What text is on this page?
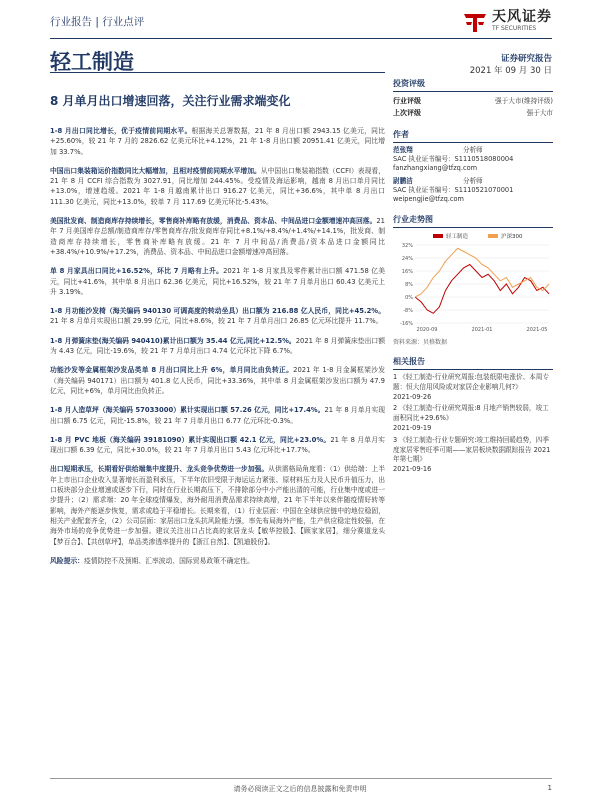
行业报告 | 行业点评	天风证券
TF SECURITIES
轻工制造	证券研究报告
2021 年 09 月 30 日
8 月单月出口增速回落，关注行业需求端变化
1-8 月出口同比增长，优于疫情前同期水平。根据海关总署数据，21 年 8 月出口额 2943.15 亿美元，同比+25.60%，较 21 年 7 月的 2826.62 亿美元环比+4.12%，21 年 1-8 月出口额 20951.41 亿美元，同比增加 33.7%。
中国出口集装箱运价指数同比大幅增加，且相对疫情前同期水平增加。从中国出口集装箱指数（CCFI）表现看，21 年 8 月 CCFI 综合指数为 3027.91，同比增加 244.45%。受疫情及海运影响，越南 8 月出口单月同比+13.0%，增速趋缓。2021 年 1-8 月越南累计出口 916.27 亿美元，同比+36.6%，其中单 8 月出口 111.30 亿美元，同比+13.0%，较单 7 月 117.69 亿美元环比-5.43%。
美国批发商、制造商库存持续增长，零售商补库略有放缓，消费品、资本品、中间品进口金额增速冲高回落。21 年 7 月美国库存总额/制造商库存/零售商库存/批发商库存同比+8.1%/+8.4%/+1.4%/+14.1%，批发商、制造商库存持续增长，零售商补库略有放缓。21 年 7 月中间品/消费品/资本品进口金额同比+38.4%/+10.9%/+17.2%，消费品、资本品、中间品进口金额增速冲高回落。
单 8 月家具出口同比+16.52%，环比 7 月略有上升。2021 年 1-8 月家具及零件累计出口额 471.58 亿美元，同比+41.6%，其中单 8 月出口 62.36 亿美元，同比+16.52%，较 21 年 7 月单月出口 60.43 亿美元上升 3.19%。
1-8 月功能沙发椅（海关编码 940130 可调高度的转动坐具）出口额为 216.88 亿人民币，同比+45.2%。21 年 8 月单月实现出口额 29.99 亿元，同比+8.6%，较 21 年 7 月单月出口 26.85 亿元环比提升 11.7%。
1-8 月弹簧床垫(海关编码 940410)累计出口额为 35.44 亿元,同比+12.5%。2021 年 8 月弹簧床垫出口额为 4.43 亿元，同比-19.6%，较 21 年 7 月单月出口 4.74 亿元环比下降 6.7%。
功能沙发等金属框架沙发品类单 8 月出口同比上升 6%，单月同比由负转正。2021 年 1-8 月金属框架沙发（海关编码 940171）出口额为 401.8 亿人民币，同比+33.36%，其中单 8 月金属框架沙发出口额为 47.9 亿元，同比+6%，单月同比由负转正。
1-8 月人造草坪（海关编码 57033000）累计实现出口额 57.26 亿元，同比+17.4%。21 年 8 月单月实现出口额 6.75 亿元，同比-15.8%，较 21 年 7 月单月出口 6.77 亿元环比-0.3%。
1-8 月 PVC 地板（海关编码 39181090）累计实现出口额 42.1 亿元，同比+23.0%。21 年 8 月单月实现出口额 6.39 亿元，同比+30.0%，较 21 年 7 月单月出口 5.43 亿元环比+17.7%。
出口短期承压，长期看好供给端集中度提升、龙头竞争优势进一步加强。从供需格局角度看：（1）供给端：上半年上市出口企业收入显著增长而盈利承压，下半年依旧受限于海运运力紧张、原材料压力及人民币升值压力，出口板块部分企业增速或逐步下行，同时在行业长期高压下，不排除部分中小产能出清的可能，行业集中度或进一步提升；（2）需求端：20 年全球疫情爆发，海外耐用消费品需求持续高增，21 年下半年以来伴随疫情好转等影响，海外产能逐步恢复，需求或趋于平稳增长。长期来看，（1）行业层面：中国在全球供应链中的地位稳固，相关产业配套齐全，（2）公司层面：家居出口龙头抗风险能力强，率先布局海外产能，生产供应稳定性较强，在海外市场的竞争优势进一步加强。建议关注出口占比高的家居龙头【敏华控股】、【顾家家居】，细分赛道龙头【梦百合】、【共创草坪】，单品类渗透率提升的【浙江自然】、【凯迪股份】。
风险提示：疫情防控不及预期、汇率波动、国际贸易政策不确定性。
投资评级
行业评级	强于大市(维持评级)
上次评级	强于大市
作者
范张翔	分析师
SAC 执业证书编号：S1110518080004
fanzhangxiang@tfzq.com
尉鹏洁	分析师
SAC 执业证书编号：S1110521070001
weipengjie@tfzq.com
行业走势图
-16%
-8%
0%
8%
16%
24%
32%
2020-09	2021-01	2021-05
轻工制造	沪深300
资料来源：贝格数据
相关报告
1 《轻工制造-行业研究周报:包装纸限电涨价、本周专题：恒大信用风险或对家居企业影响几何?》
2021-09-26
2 《轻工制造-行业研究周报:8 月地产销售较弱，竣工面积同比+29.6%》
2021-09-19
3 《轻工制造-行业专题研究:竣工维持回暖趋势，四季度家居零售旺季可期——家居板块数据跟踪报告 2021 年第七期》
2021-09-16
请务必阅读正文之后的信息披露和免责申明	1
